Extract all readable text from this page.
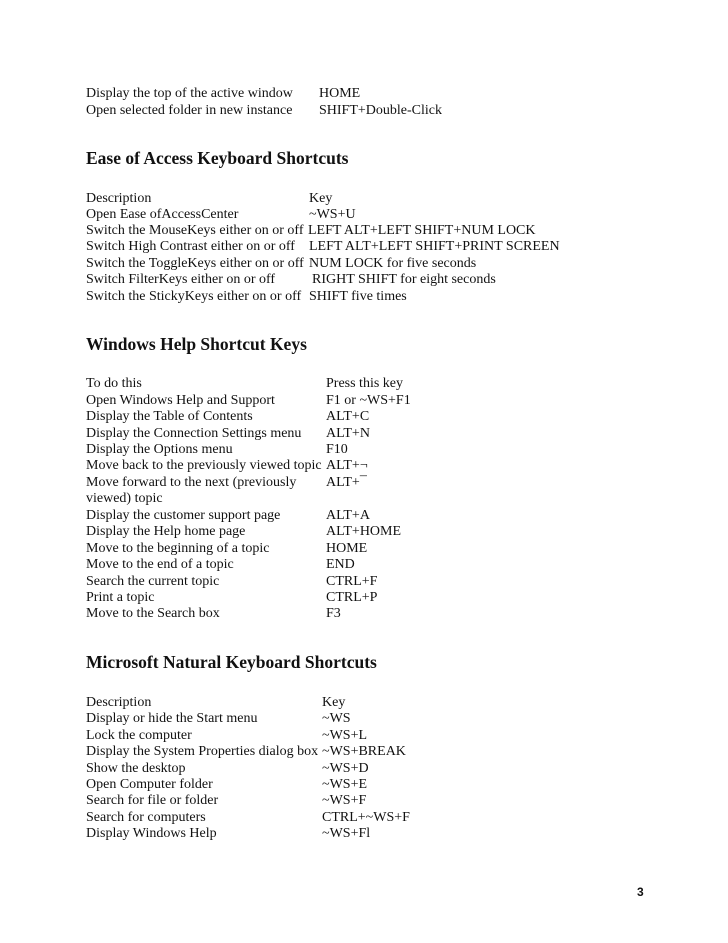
Display the top of the active window HOME
Open selected folder in new instance SHIFT+Double-Click
Ease of Access Keyboard Shortcuts
Description	Key
Open Ease ofAccessCenter	~WS+U
Switch the MouseKeys either on or off LEFT ALT+LEFT SHIFT+NUM LOCK
Switch High Contrast either on or off LEFT ALT+LEFT SHIFT+PRINT SCREEN
Switch the ToggleKeys either on or off NUM LOCK for five seconds
Switch FilterKeys either on or off	RIGHT SHIFT for eight seconds
Switch the StickyKeys either on or off SHIFT five times
Windows Help Shortcut Keys
To do this	Press this key
Open Windows Help and Support	F1 or ~WS+F1
Display the Table of Contents	ALT+C
Display the Connection Settings menu ALT+N
Display the Options menu	F10
Move back to the previously viewed topic ALT+¬
Move forward to the next (previously ALT+¯
viewed) topic
Display the customer support page	ALT+A
Display the Help home page	ALT+HOME
Move to the beginning of a topic	HOME
Move to the end of a topic	END
Search the current topic	CTRL+F
Print a topic	CTRL+P
Move to the Search box	F3
Microsoft Natural Keyboard Shortcuts
Description	Key
Display or hide the Start menu	~WS
Lock the computer	~WS+L
Display the System Properties dialog box ~WS+BREAK
Show the desktop	~WS+D
Open Computer folder	~WS+E
Search for file or folder	~WS+F
Search for computers	CTRL+~WS+F
Display Windows Help	~WS+Fl
3
